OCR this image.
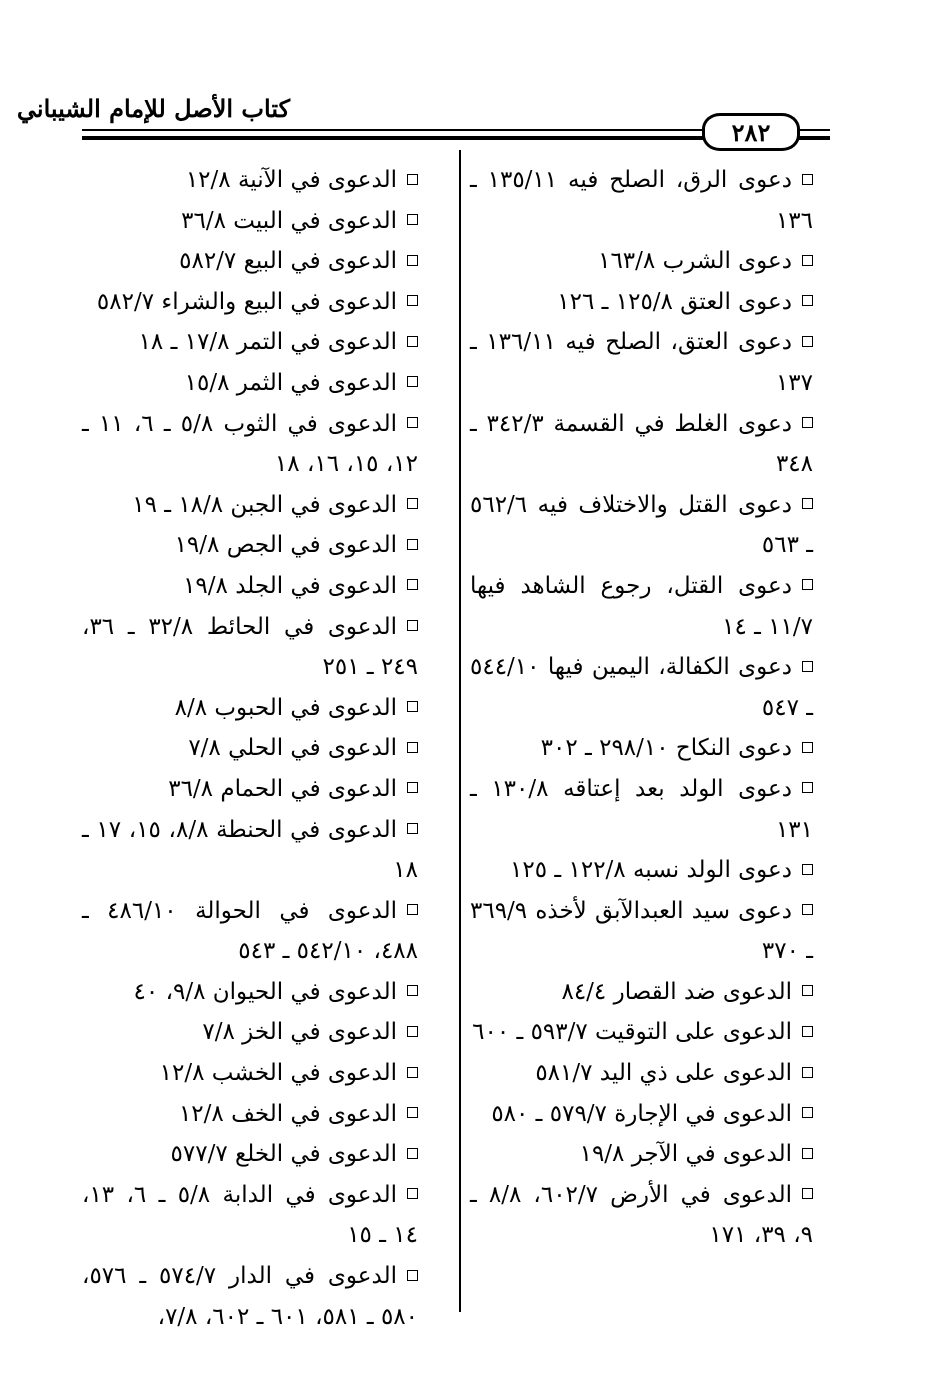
كتاب الأصل للإمام الشيباني
٢٨٢

دعوى الرق، الصلح فيه ١٣٥/١١ ـ ١٣٦

دعوى الشرب ١٦٣/٨

دعوى العتق ١٢٥/٨ ـ ١٢٦

دعوى العتق، الصلح فيه ١٣٦/١١ ـ ١٣٧

دعوى الغلط في القسمة ٣٤٢/٣ ـ ٣٤٨

دعوى القتل والاختلاف فيه ٥٦٢/٦ ـ ٥٦٣

دعوى القتل، رجوع الشاهد فيها ١١/٧ ـ ١٤

دعوى الكفالة، اليمين فيها ٥٤٤/١٠ ـ ٥٤٧

دعوى النكاح ٢٩٨/١٠ ـ ٣٠٢

دعوى الولد بعد إعتاقه ١٣٠/٨ ـ ١٣١

دعوى الولد نسبه ١٢٢/٨ ـ ١٢٥

دعوى سيد العبدالآبق لأخذه ٣٦٩/٩ ـ ٣٧٠

الدعوى ضد القصار ٨٤/٤

الدعوى على التوقيت ٥٩٣/٧ ـ ٦٠٠

الدعوى على ذي اليد ٥٨١/٧

الدعوى في الإجارة ٥٧٩/٧ ـ ٥٨٠

الدعوى في الآجر ١٩/٨

الدعوى في الأرض ٦٠٢/٧، ٨/٨ ـ ٩، ٣٩، ١٧١

الدعوى في الآنية ١٢/٨

الدعوى في البيت ٣٦/٨

الدعوى في البيع ٥٨٢/٧

الدعوى في البيع والشراء ٥٨٢/٧

الدعوى في التمر ١٧/٨ ـ ١٨

الدعوى في الثمر ١٥/٨

الدعوى في الثوب ٥/٨ ـ ٦، ١١ ـ ١٢، ١٥، ١٦، ١٨

الدعوى في الجبن ١٨/٨ ـ ١٩

الدعوى في الجص ١٩/٨

الدعوى في الجلد ١٩/٨

الدعوى في الحائط ٣٢/٨ ـ ٣٦، ٢٤٩ ـ ٢٥١

الدعوى في الحبوب ٨/٨

الدعوى في الحلي ٧/٨

الدعوى في الحمام ٣٦/٨

الدعوى في الحنطة ٨/٨، ١٥، ١٧ ـ ١٨

الدعوى في الحوالة ٤٨٦/١٠ ـ ٤٨٨، ٥٤٢/١٠ ـ ٥٤٣

الدعوى في الحيوان ٩/٨، ٤٠

الدعوى في الخز ٧/٨

الدعوى في الخشب ١٢/٨

الدعوى في الخف ١٢/٨

الدعوى في الخلع ٥٧٧/٧

الدعوى في الدابة ٥/٨ ـ ٦، ١٣، ١٤ ـ ١٥

الدعوى في الدار ٥٧٤/٧ ـ ٥٧٦، ٥٨٠ ـ ٥٨١، ٦٠١ ـ ٦٠٢، ٧/٨،
